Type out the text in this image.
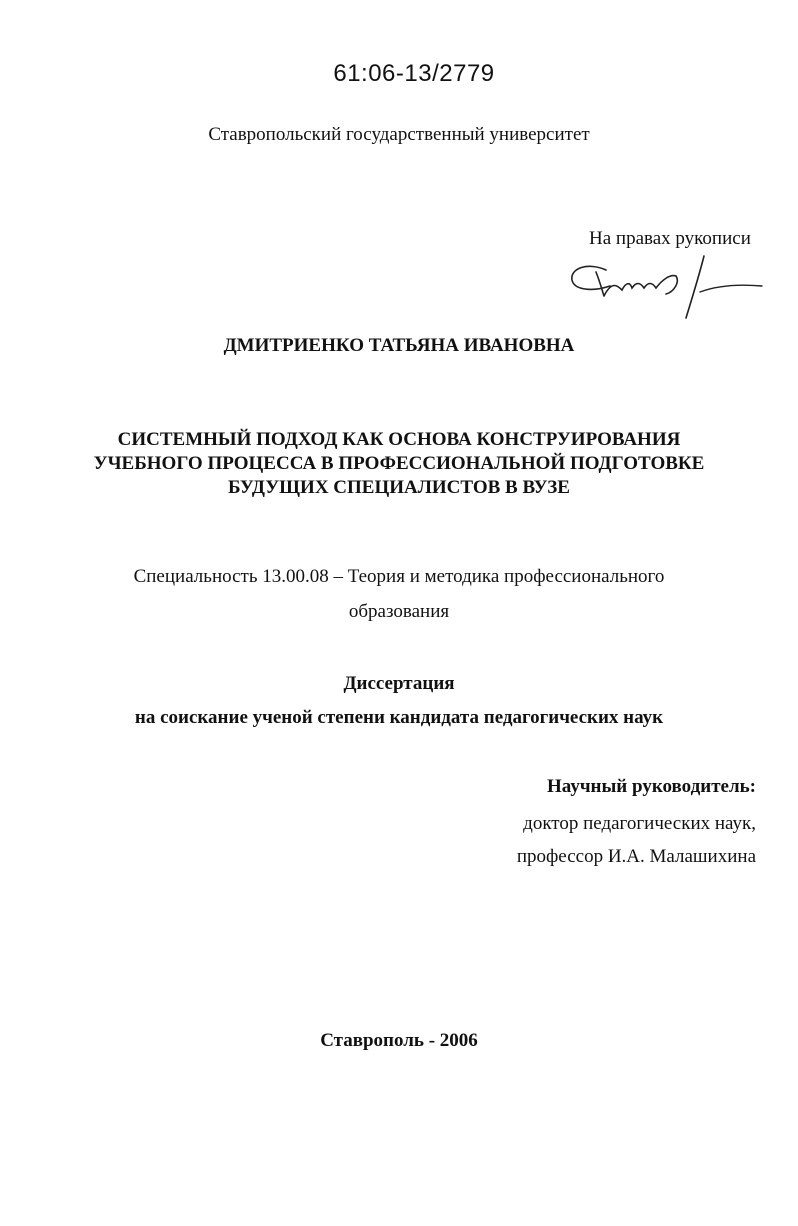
61:06-13/2779
Ставропольский государственный университет
На правах рукописи
ДМИТРИЕНКО ТАТЬЯНА ИВАНОВНА
СИСТЕМНЫЙ ПОДХОД КАК ОСНОВА КОНСТРУИРОВАНИЯ
УЧЕБНОГО ПРОЦЕССА В ПРОФЕССИОНАЛЬНОЙ ПОДГОТОВКЕ
БУДУЩИХ СПЕЦИАЛИСТОВ В ВУЗЕ
Специальность 13.00.08 – Теория и методика профессионального
образования
Диссертация
на соискание ученой степени кандидата педагогических наук
Научный руководитель:
доктор педагогических наук,
профессор И.А. Малашихина
Ставрополь - 2006
